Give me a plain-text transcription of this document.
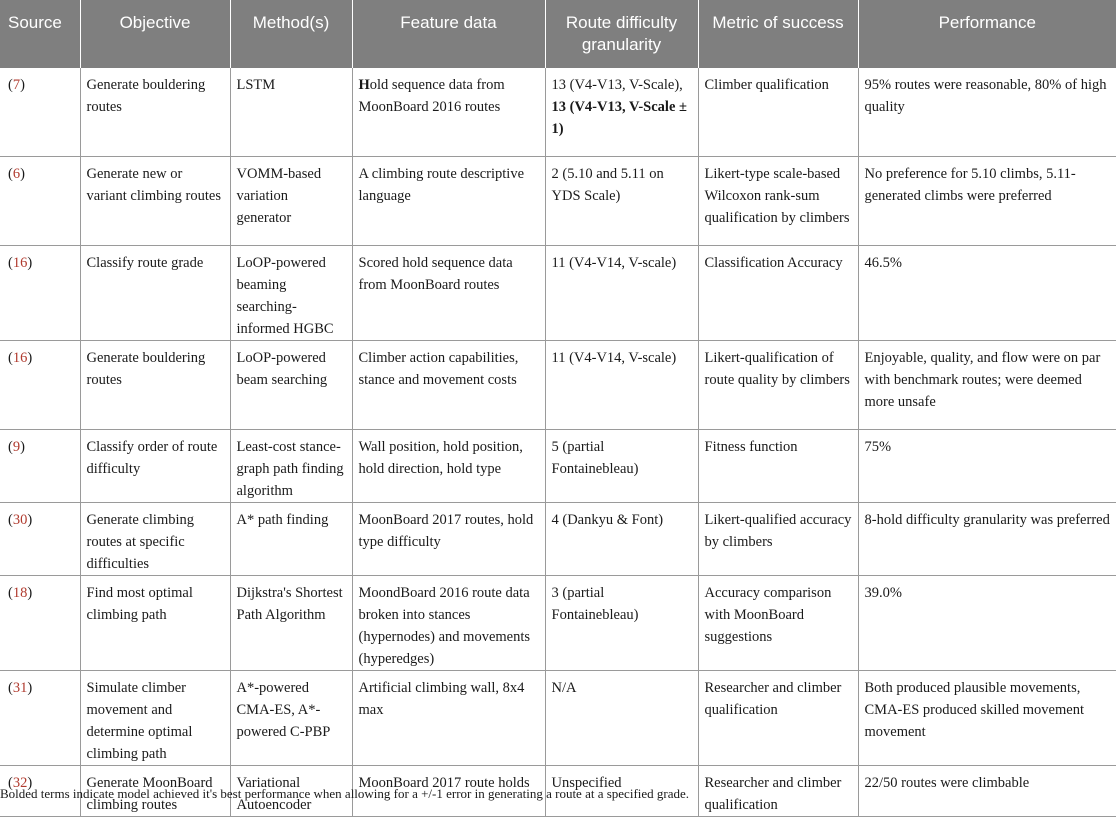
Source	Objective	Method(s)	Feature data	Route difficulty granularity	Metric of success	Performance
(7)	Generate bouldering routes	LSTM	Hold sequence data from MoonBoard 2016 routes	13 (V4-V13, V-Scale), 13 (V4-V13, V-Scale ± 1)	Climber qualification	95% routes were reasonable, 80% of high quality
(6)	Generate new or variant climbing routes	VOMM-based variation generator	A climbing route descriptive language	2 (5.10 and 5.11 on YDS Scale)	Likert-type scale-based Wilcoxon rank-sum qualification by climbers	No preference for 5.10 climbs, 5.11-generated climbs were preferred
(16)	Classify route grade	LoOP-powered beaming searching-informed HGBC	Scored hold sequence data from MoonBoard routes	11 (V4-V14, V-scale)	Classification Accuracy	46.5%
(16)	Generate bouldering routes	LoOP-powered beam searching	Climber action capabilities, stance and movement costs	11 (V4-V14, V-scale)	Likert-qualification of route quality by climbers	Enjoyable, quality, and flow were on par with benchmark routes; were deemed more unsafe
(9)	Classify order of route difficulty	Least-cost stance-graph path finding algorithm	Wall position, hold position, hold direction, hold type	5 (partial Fontainebleau)	Fitness function	75%
(30)	Generate climbing routes at specific difficulties	A* path finding	MoonBoard 2017 routes, hold type difficulty	4 (Dankyu & Font)	Likert-qualified accuracy by climbers	8-hold difficulty granularity was preferred
(18)	Find most optimal climbing path	Dijkstra's Shortest Path Algorithm	MoondBoard 2016 route data broken into stances (hypernodes) and movements (hyperedges)	3 (partial Fontainebleau)	Accuracy comparison with MoonBoard suggestions	39.0%
(31)	Simulate climber movement and determine optimal climbing path	A*-powered CMA-ES, A*-powered C-PBP	Artificial climbing wall, 8x4 max	N/A	Researcher and climber qualification	Both produced plausible movements, CMA-ES produced skilled movement movement
(32)	Generate MoonBoard climbing routes	Variational Autoencoder	MoonBoard 2017 route holds	Unspecified	Researcher and climber qualification	22/50 routes were climbable
Bolded terms indicate model achieved it's best performance when allowing for a +/-1 error in generating a route at a specified grade.
